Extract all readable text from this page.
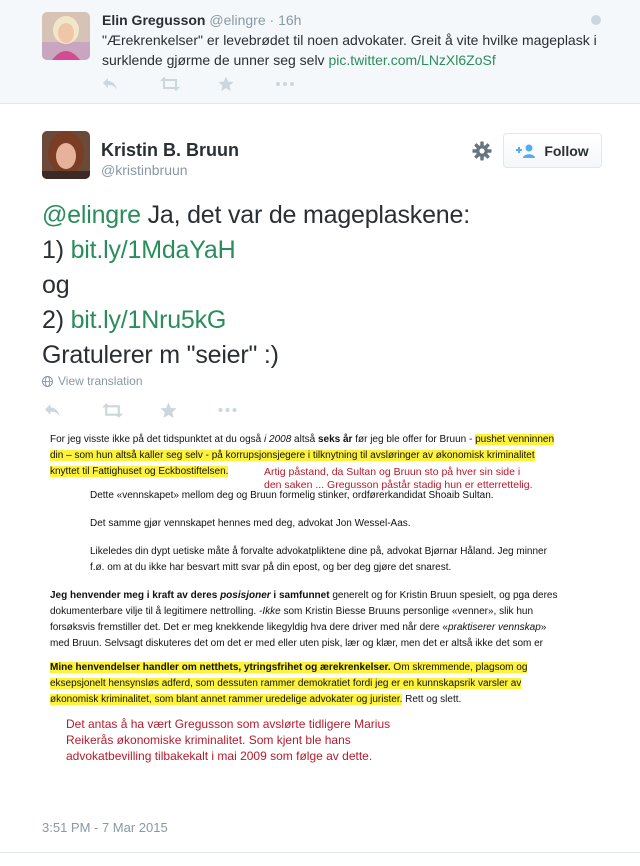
Elin Gregusson @elingre · 16h
"Ærekrenkelser" er levebrødet til noen advokater. Greit å vite hvilke mageplask i surklende gjørme de unner seg selv pic.twitter.com/LNzXl6ZoSf
Kristin B. Bruun
@kristinbruun
Follow
@elingre Ja, det var de mageplaskene:
1) bit.ly/1MdaYaH
og
2) bit.ly/1Nru5kG
Gratulerer m "seier" :)
View translation
For jeg visste ikke på det tidspunktet at du også i 2008 altså seks år før jeg ble offer for Bruun - pushet venninnen
din – som hun altså kaller seg selv - på korrupsjonsjegere i tilknytning til avsløringer av økonomisk kriminalitet
knyttet til Fattighuset og Eckbostiftelsen.	Artig påstand, da Sultan og Bruun sto på hver sin side i
den saken ... Gregusson påstår stadig hun er etterrettelig.
Dette «vennskapet» mellom deg og Bruun formelig stinker, ordførerkandidat Shoaib Sultan.
Det samme gjør vennskapet hennes med deg, advokat Jon Wessel-Aas.
Likeledes din dypt uetiske måte å forvalte advokatpliktene dine på, advokat Bjørnar Håland. Jeg minner
f.ø. om at du ikke har besvart mitt svar på din epost, og ber deg gjøre det snarest.
Jeg henvender meg i kraft av deres posisjoner i samfunnet generelt og for Kristin Bruun spesielt, og pga deres
dokumenterbare vilje til å legitimere nettrolling. -Ikke som Kristin Biesse Bruuns personlige «venner», slik hun
forsøksvis fremstiller det. Det er meg knekkende likegyldig hva dere driver med når dere «praktiserer vennskap»
med Bruun. Selvsagt diskuteres det om det er med eller uten pisk, lær og klær, men det er altså ikke det som er
Mine henvendelser handler om netthets, ytringsfrihet og ærekrenkelser. Om skremmende, plagsom og
eksepsjonelt hensynsløs adferd, som dessuten rammer demokratiet fordi jeg er en kunnskapsrik varsler av
økonomisk kriminalitet, som blant annet rammer uredelige advokater og jurister. Rett og slett.
Det antas å ha vært Gregusson som avslørte tidligere Marius
Reikerås økonomiske kriminalitet. Som kjent ble hans
advokatbevilling tilbakekalt i mai 2009 som følge av dette.
3:51 PM - 7 Mar 2015
